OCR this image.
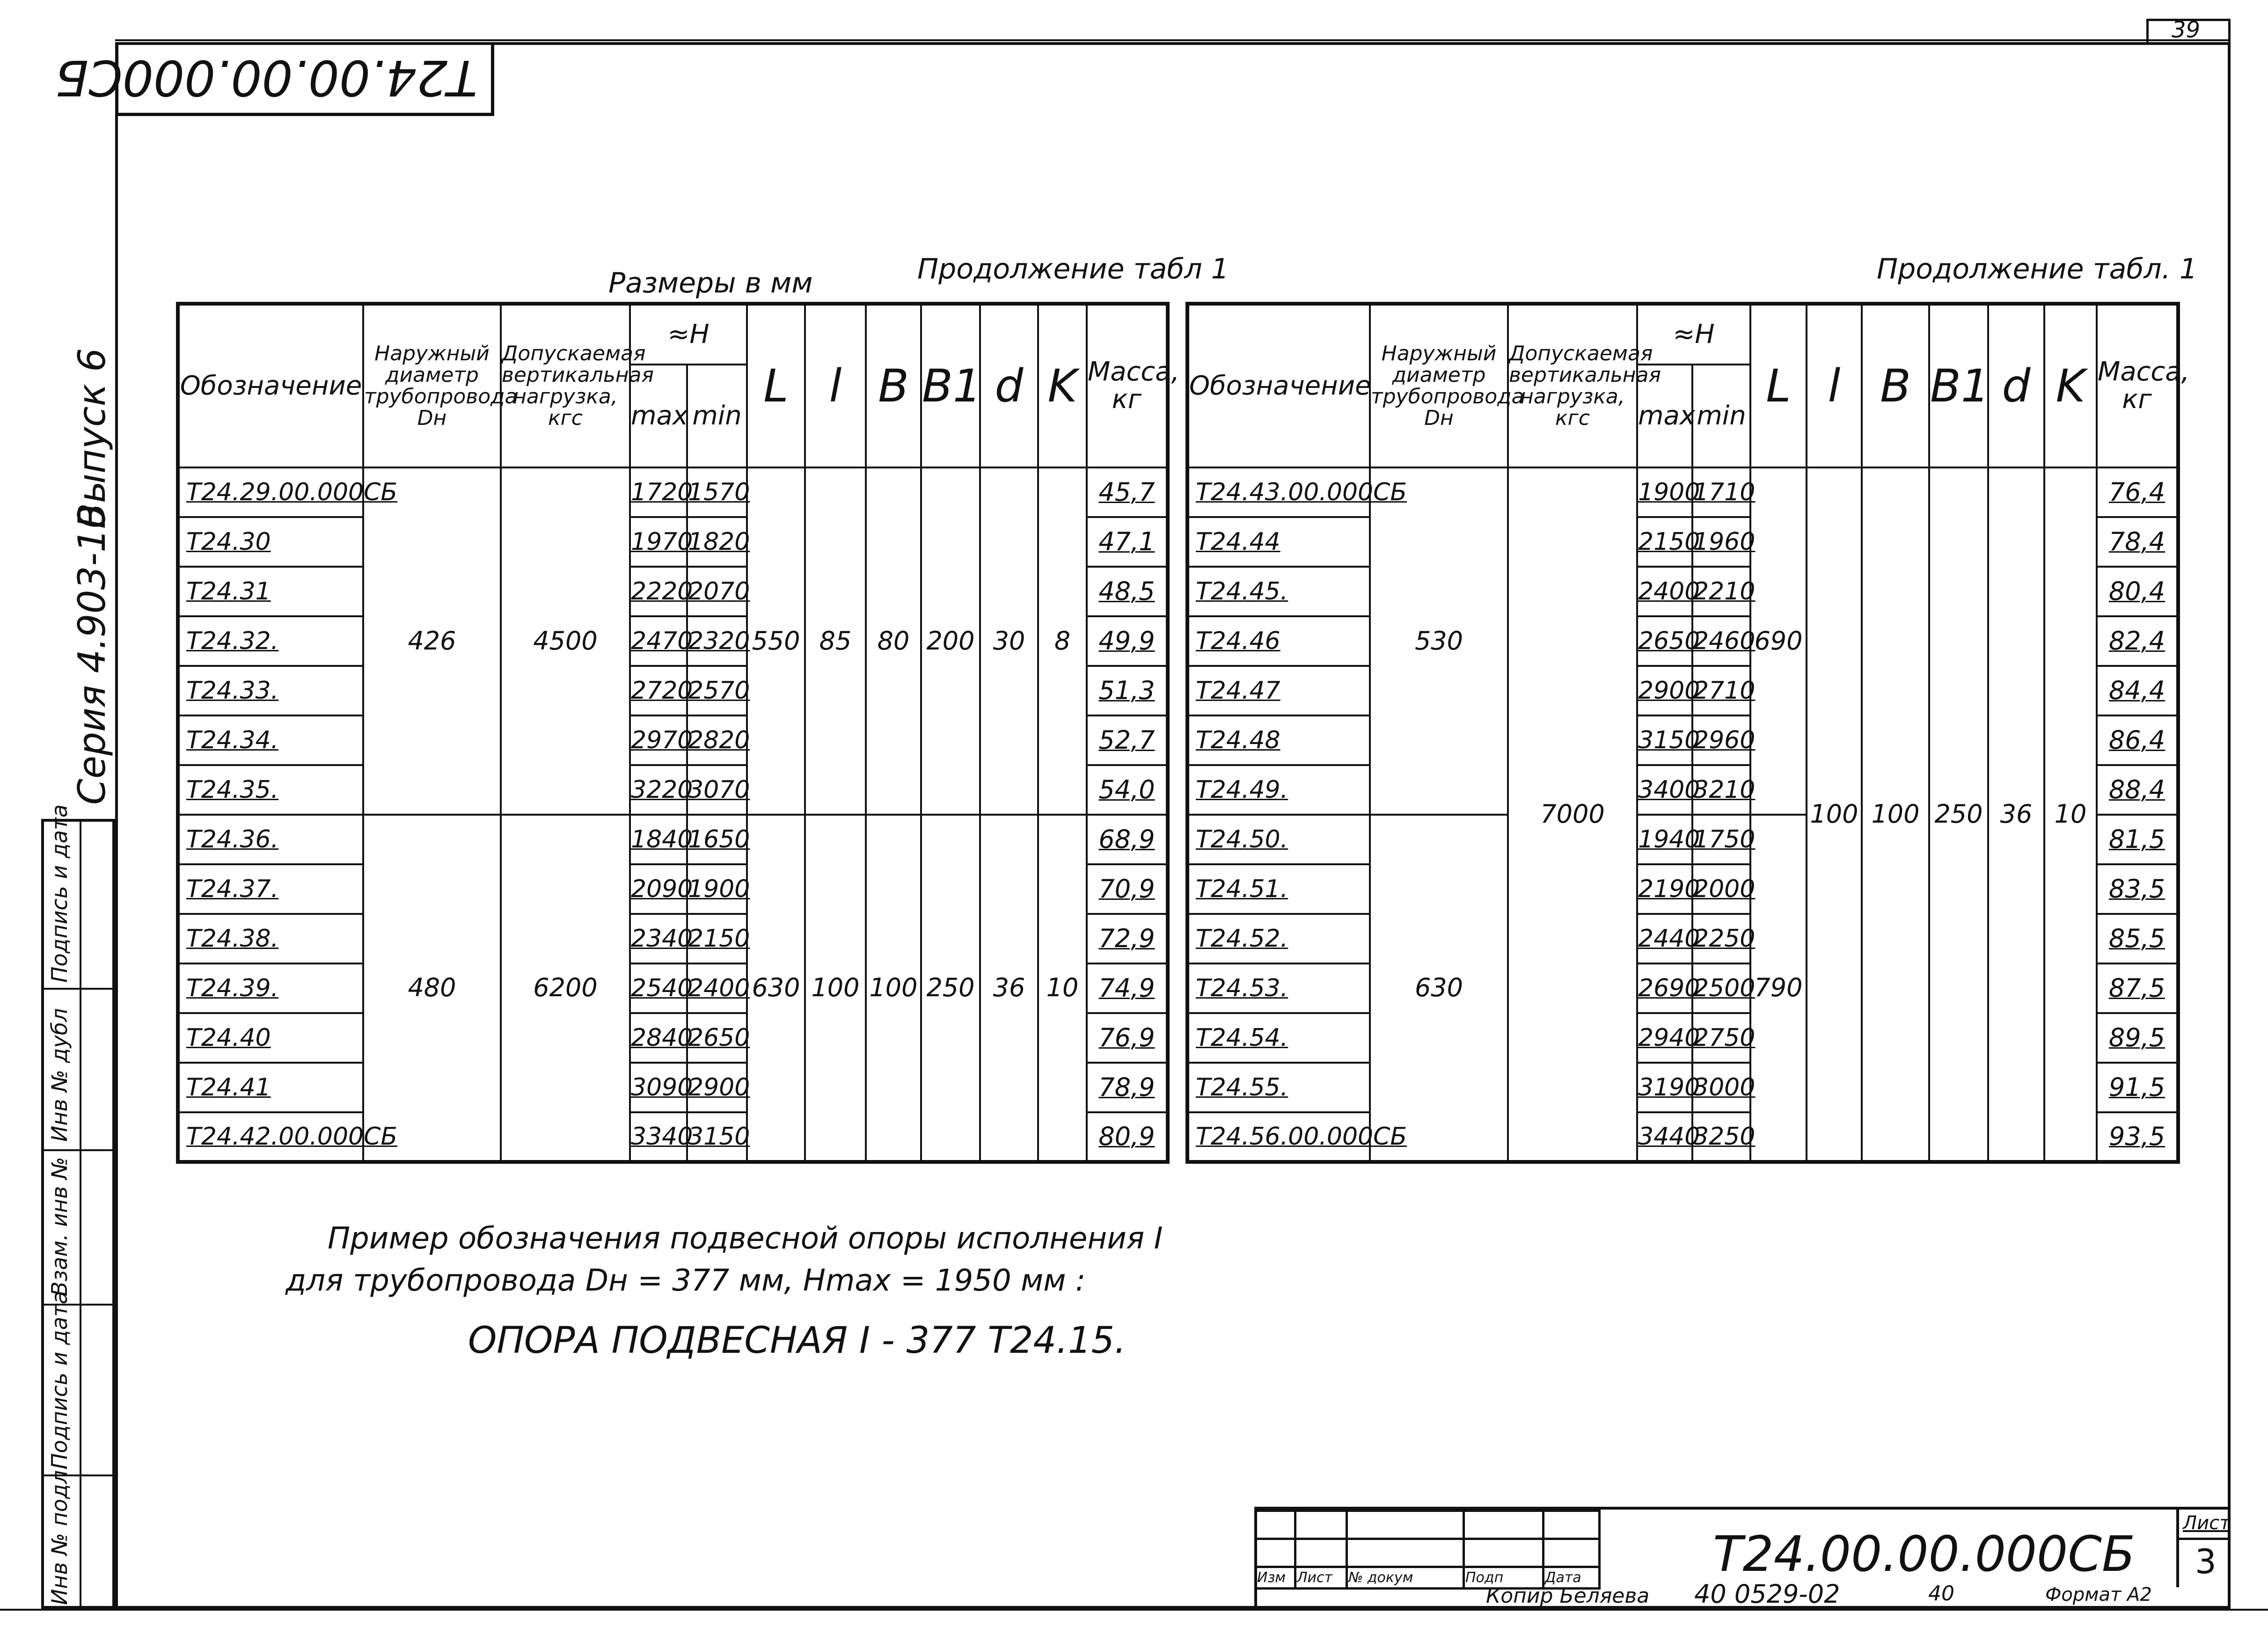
39
Т24.00.00.000СБ
Серия 4.903-10
Выпуск 6
Подпись и дата
Инв № дубл
Взам. инв №
Подпись и дата
Инв № подл.
Размеры в мм	Продолжение табл 1	Продолжение табл. 1
Обозначение	Наружный диаметр трубопровода Dн	Допускаемая вертикальная нагрузка, кгс	≈H		L	l	B	B1	d	K	Масса, кг
			max	min							
Т24.29.00.000СБ	426	4500	1720	1570	550	85	80	200	30	8	45,7
Т24.30			1970	1820							47,1
Т24.31			2220	2070							48,5
Т24.32.			2470	2320							49,9
Т24.33.			2720	2570							51,3
Т24.34.			2970	2820							52,7
Т24.35.			3220	3070							54,0
Т24.36.	480	6200	1840	1650	630	100	100	250	36	10	68,9
Т24.37.			2090	1900							70,9
Т24.38.			2340	2150							72,9
Т24.39.			2540	2400							74,9
Т24.40			2840	2650							76,9
Т24.41			3090	2900							78,9
Т24.42.00.000СБ			3340	3150							80,9
Обозначение	Наружный диаметр трубопровода Dн	Допускаемая вертикальная нагрузка, кгс	≈H		L	l	B	B1	d	K	Масса, кг
			max	min							
Т24.43.00.000СБ	530	7000	1900	1710	690	100	100	250	36	10	76,4
Т24.44			2150	1960							78,4
Т24.45.			2400	2210							80,4
Т24.46			2650	2460							82,4
Т24.47			2900	2710							84,4
Т24.48			3150	2960							86,4
Т24.49.			3400	3210							88,4
Т24.50.	630		1940	1750	790						81,5
Т24.51.			2190	2000							83,5
Т24.52.			2440	2250							85,5
Т24.53.			2690	2500							87,5
Т24.54.			2940	2750							89,5
Т24.55.			3190	3000							91,5
Т24.56.00.000СБ			3440	3250							93,5
Пример обозначения подвесной опоры исполнения I
для трубопровода Dн = 377 мм, Hmax = 1950 мм :
ОПОРА ПОДВЕСНАЯ I - 377 Т24.15.

Изм	Лист	№ докум	Подп	Дата	Т24.00.00.000СБ
Лист
3
Копир Беляева 40 0529-02	40	Формат А2
